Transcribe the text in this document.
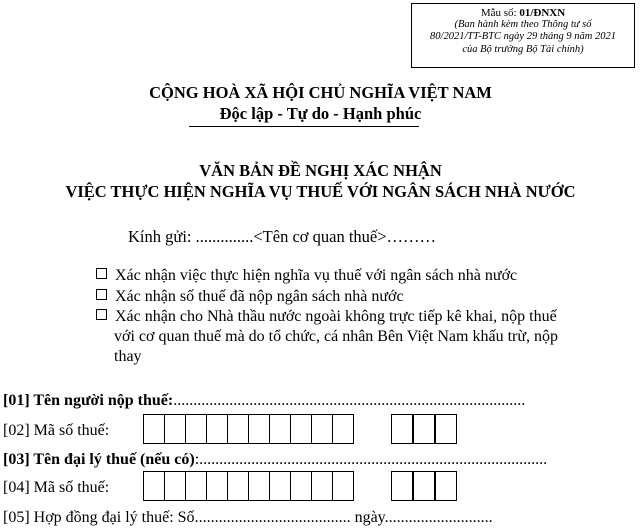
Mẫu số: 01/ĐNXN
(Ban hành kèm theo Thông tư số
80/2021/TT-BTC ngày 29 tháng 9 năm 2021
của Bộ trưởng Bộ Tài chính)
CỘNG HOÀ XÃ HỘI CHỦ NGHĨA VIỆT NAM
Độc lập - Tự do - Hạnh phúc
VĂN BẢN ĐỀ NGHỊ XÁC NHẬN
VIỆC THỰC HIỆN NGHĨA VỤ THUẾ VỚI NGÂN SÁCH NHÀ NƯỚC
Kính gửi: ..............<Tên cơ quan thuế>………
Xác nhận việc thực hiện nghĩa vụ thuế với ngân sách nhà nước
Xác nhận số thuế đã nộp ngân sách nhà nước
Xác nhận cho Nhà thầu nước ngoài không trực tiếp kê khai, nộp thuế
với cơ quan thuế mà do tổ chức, cá nhân Bên Việt Nam khấu trừ, nộp
thay
[01] Tên người nộp thuế:........................................................................................
[02] Mã số thuế:
[03] Tên đại lý thuế (nếu có):.......................................................................................
[04] Mã số thuế:
[05] Hợp đồng đại lý thuế: Số....................................... ngày...........................
